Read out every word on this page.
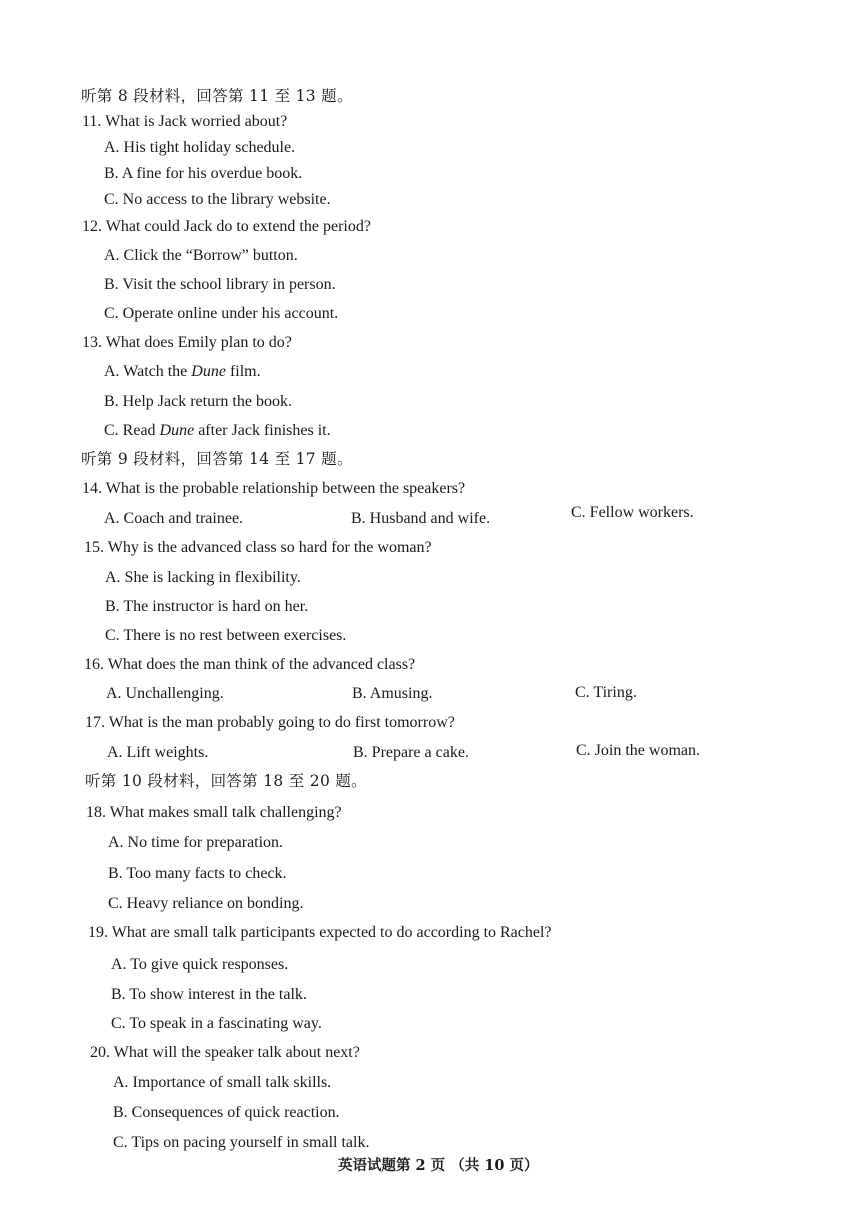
听第 8 段材料，回答第 11 至 13 题。
11. What is Jack worried about?
A. His tight holiday schedule.
B. A fine for his overdue book.
C. No access to the library website.
12. What could Jack do to extend the period?
A. Click the “Borrow” button.
B. Visit the school library in person.
C. Operate online under his account.
13. What does Emily plan to do?
A. Watch the Dune film.
B. Help Jack return the book.
C. Read Dune after Jack finishes it.
听第 9 段材料，回答第 14 至 17 题。
14. What is the probable relationship between the speakers?
A. Coach and trainee.	B. Husband and wife.	C. Fellow workers.
15. Why is the advanced class so hard for the woman?
A. She is lacking in flexibility.
B. The instructor is hard on her.
C. There is no rest between exercises.
16. What does the man think of the advanced class?
A. Unchallenging.	B. Amusing.	C. Tiring.
17. What is the man probably going to do first tomorrow?
A. Lift weights.	B. Prepare a cake.	C. Join the woman.
听第 10 段材料，回答第 18 至 20 题。
18. What makes small talk challenging?
A. No time for preparation.
B. Too many facts to check.
C. Heavy reliance on bonding.
19. What are small talk participants expected to do according to Rachel?
A. To give quick responses.
B. To show interest in the talk.
C. To speak in a fascinating way.
20. What will the speaker talk about next?
A. Importance of small talk skills.
B. Consequences of quick reaction.
C. Tips on pacing yourself in small talk.
英语试题第 2 页 （共 10 页）
